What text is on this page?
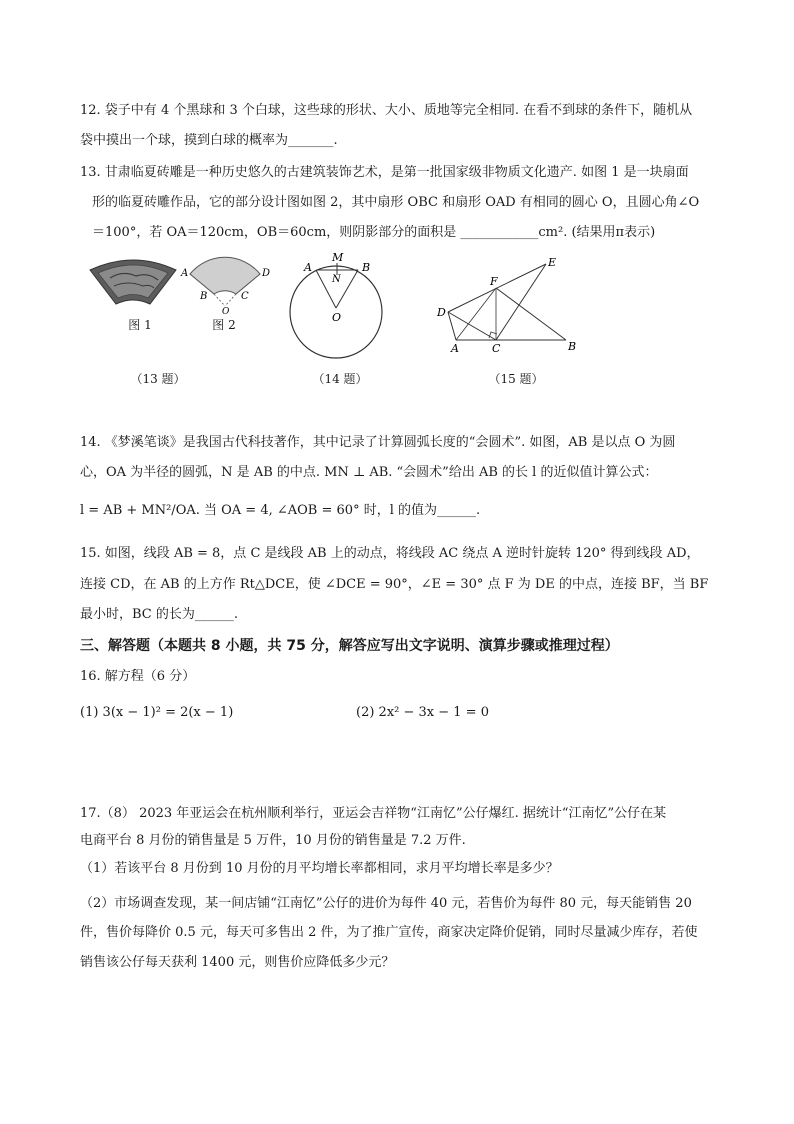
12. 袋子中有 4 个黑球和 3 个白球，这些球的形状、大小、质地等完全相同. 在看不到球的条件下，随机从
袋中摸出一个球，摸到白球的概率为_______.
13. 甘肃临夏砖雕是一种历史悠久的古建筑装饰艺术，是第一批国家级非物质文化遗产. 如图 1 是一块扇面
形的临夏砖雕作品，它的部分设计图如图 2，其中扇形 OBC 和扇形 OAD 有相同的圆心 O，且圆心角∠O
＝100°，若 OA＝120cm，OB＝60cm，则阴影部分的面积是 ____________cm². (结果用π表示)
图 1
A
B
O
C
D
图 2
（13 题）
A
M
N
B
O
（14 题）
E
F
D
A	C	B
（15 题）
14. 《梦溪笔谈》是我国古代科技著作，其中记录了计算圆弧长度的“会圆术”. 如图，AB 是以点 O 为圆
心，OA 为半径的圆弧，N 是 AB 的中点. MN ⊥ AB. “会圆术”给出 AB 的长 l 的近似值计算公式：
l = AB + MN²/OA. 当 OA = 4, ∠AOB = 60° 时，l 的值为______.
15. 如图，线段 AB = 8，点 C 是线段 AB 上的动点，将线段 AC 绕点 A 逆时针旋转 120° 得到线段 AD，
连接 CD，在 AB 的上方作 Rt△DCE，使 ∠DCE = 90°，∠E = 30° 点 F 为 DE 的中点，连接 BF，当 BF
最小时，BC 的长为______.
三、解答题（本题共 8 小题，共 75 分，解答应写出文字说明、演算步骤或推理过程）
16. 解方程（6 分）
(1) 3(x − 1)² = 2(x − 1)	(2) 2x² − 3x − 1 = 0
17.（8） 2023 年亚运会在杭州顺利举行，亚运会吉祥物“江南忆”公仔爆红. 据统计“江南忆”公仔在某
电商平台 8 月份的销售量是 5 万件，10 月份的销售量是 7.2 万件.
（1）若该平台 8 月份到 10 月份的月平均增长率都相同，求月平均增长率是多少？
（2）市场调查发现，某一间店铺“江南忆”公仔的进价为每件 40 元，若售价为每件 80 元，每天能销售 20
件，售价每降价 0.5 元，每天可多售出 2 件，为了推广宣传，商家决定降价促销，同时尽量减少库存，若使
销售该公仔每天获利 1400 元，则售价应降低多少元？
